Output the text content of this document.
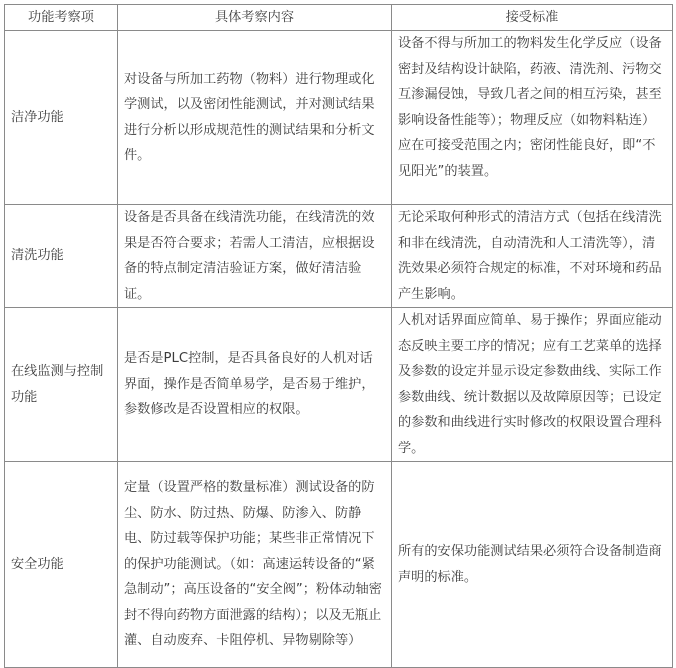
功能考察项	具体考察内容	接受标准
洁净功能	对设备与所加工药物（物料）进行物理或化学测试，以及密闭性能测试，并对测试结果进行分析以形成规范性的测试结果和分析文件。	设备不得与所加工的物料发生化学反应（设备密封及结构设计缺陷，药液、清洗剂、污物交互渗漏侵蚀，导致几者之间的相互污染，甚至影响设备性能等）；物理反应（如物料粘连）应在可接受范围之内；密闭性能良好，即“不见阳光”的装置。
清洗功能	设备是否具备在线清洗功能，在线清洗的效果是否符合要求；若需人工清洁，应根据设备的特点制定清洁验证方案，做好清洁验证。	无论采取何种形式的清洁方式（包括在线清洗和非在线清洗，自动清洗和人工清洗等），清洗效果必须符合规定的标准，不对环境和药品产生影响。
在线监测与控制功能	是否是PLC控制，是否具备良好的人机对话界面，操作是否简单易学，是否易于维护，参数修改是否设置相应的权限。	人机对话界面应简单、易于操作；界面应能动态反映主要工序的情况；应有工艺菜单的选择及参数的设定并显示设定参数曲线、实际工作参数曲线、统计数据以及故障原因等；已设定的参数和曲线进行实时修改的权限设置合理科学。
安全功能	定量（设置严格的数量标准）测试设备的防尘、防水、防过热、防爆、防渗入、防静电、防过载等保护功能；某些非正常情况下的保护功能测试。（如：高速运转设备的“紧急制动”；高压设备的“安全阀”；粉体动轴密封不得向药物方面泄露的结构）；以及无瓶止灌、自动废弃、卡阻停机、异物剔除等）	所有的安保功能测试结果必须符合设备制造商声明的标准。
